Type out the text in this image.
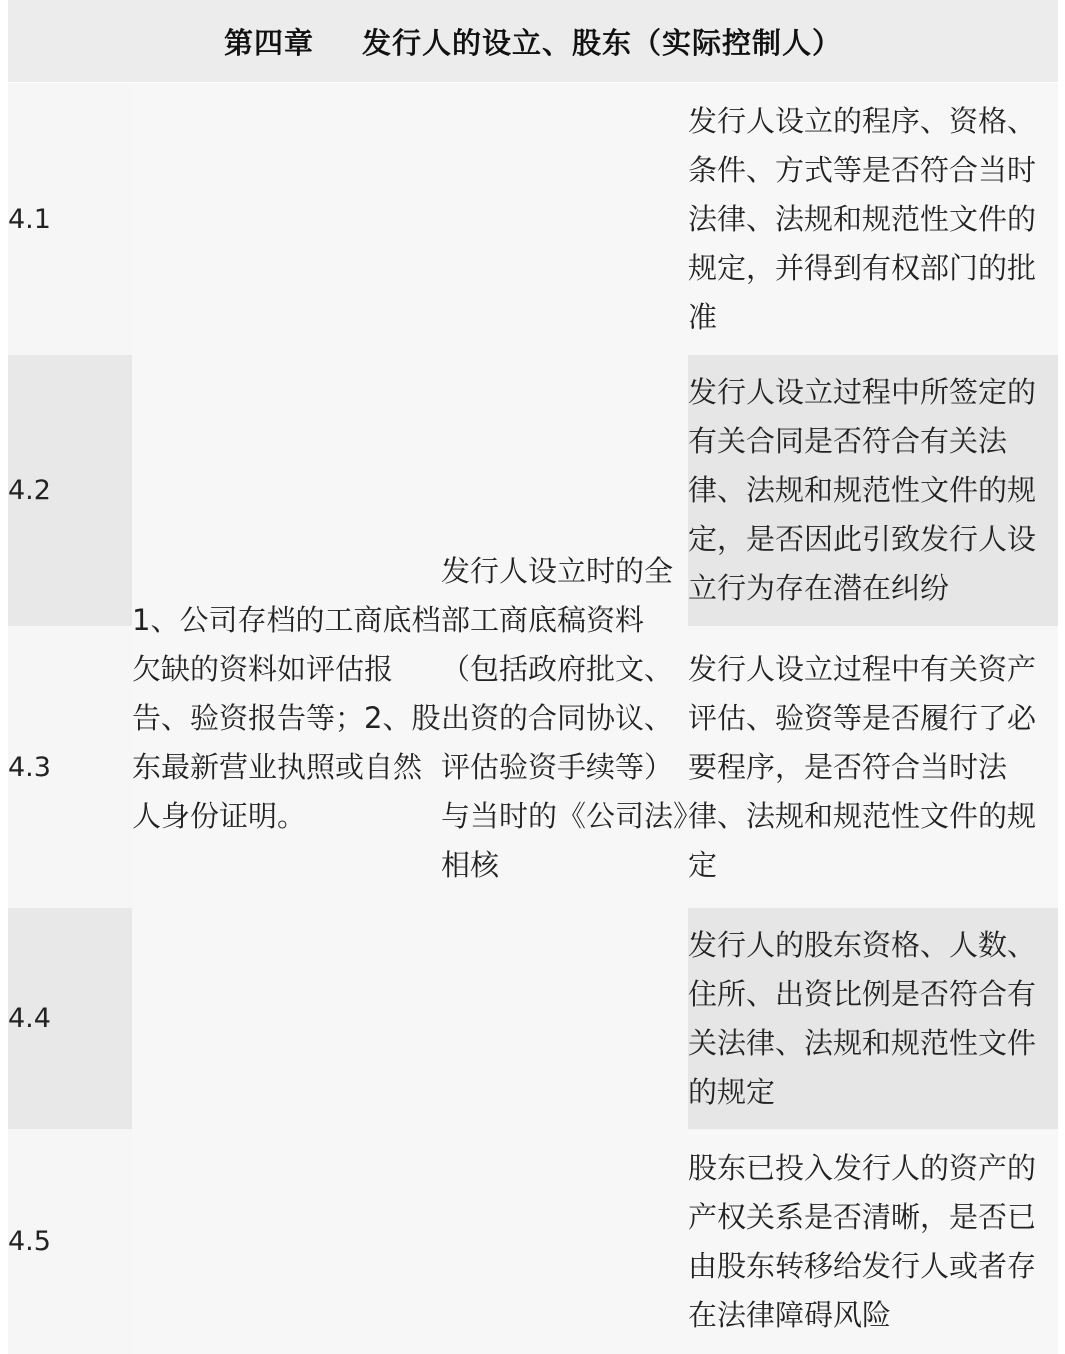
第四章 发行人的设立、股东（实际控制人）
4.1	1、公司存档的工商底档欠缺的资料如评估报告、验资报告等；2、股东最新营业执照或自然人身份证明。	发行人设立时的全部工商底稿资料（包括政府批文、出资的合同协议、评估验资手续等）与当时的《公司法》相核	发行人设立的程序、资格、条件、方式等是否符合当时法律、法规和规范性文件的规定，并得到有权部门的批准
4.2			发行人设立过程中所签定的有关合同是否符合有关法律、法规和规范性文件的规定，是否因此引致发行人设立行为存在潜在纠纷
4.3			发行人设立过程中有关资产评估、验资等是否履行了必要程序，是否符合当时法律、法规和规范性文件的规定
4.4			发行人的股东资格、人数、住所、出资比例是否符合有关法律、法规和规范性文件的规定
4.5			股东已投入发行人的资产的产权关系是否清晰，是否已由股东转移给发行人或者存在法律障碍风险
